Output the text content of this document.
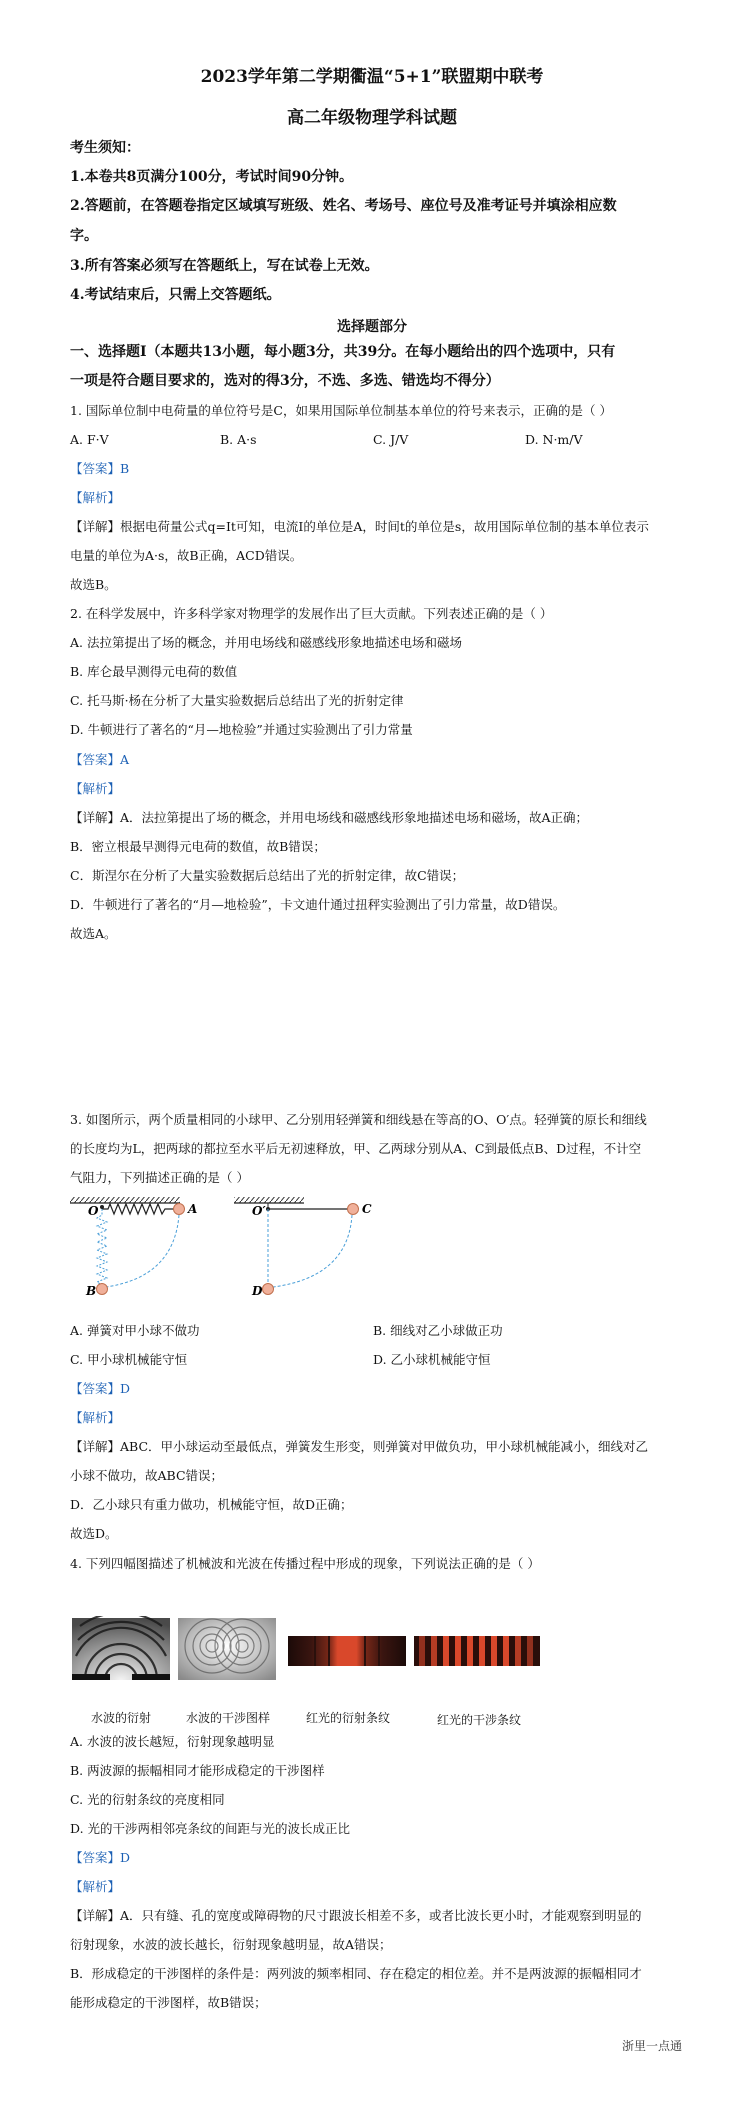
2023学年第二学期衢温“5+1”联盟期中联考
高二年级物理学科试题
考生须知：
1.本卷共8页满分100分，考试时间90分钟。
2.答题前，在答题卷指定区域填写班级、姓名、考场号、座位号及准考证号并填涂相应数
字。
3.所有答案必须写在答题纸上，写在试卷上无效。
4.考试结束后，只需上交答题纸。
选择题部分
一、选择题Ⅰ（本题共13小题，每小题3分，共39分。在每小题给出的四个选项中，只有
一项是符合题目要求的，选对的得3分，不选、多选、错选均不得分）
1. 国际单位制中电荷量的单位符号是C，如果用国际单位制基本单位的符号来表示，正确的是（ ）
A. F·V	B. A·s	C. J/V	D. N·m/V
【答案】B
【解析】
【详解】根据电荷量公式q=It可知，电流I的单位是A，时间t的单位是s，故用国际单位制的基本单位表示
电量的单位为A·s，故B正确，ACD错误。
故选B。
2. 在科学发展中，许多科学家对物理学的发展作出了巨大贡献。下列表述正确的是（ ）
A. 法拉第提出了场的概念，并用电场线和磁感线形象地描述电场和磁场
B. 库仑最早测得元电荷的数值
C. 托马斯·杨在分析了大量实验数据后总结出了光的折射定律
D. 牛顿进行了著名的“月—地检验”并通过实验测出了引力常量
【答案】A
【解析】
【详解】A．法拉第提出了场的概念，并用电场线和磁感线形象地描述电场和磁场，故A正确；
B．密立根最早测得元电荷的数值，故B错误；
C．斯涅尔在分析了大量实验数据后总结出了光的折射定律，故C错误；
D．牛顿进行了著名的“月—地检验”，卡文迪什通过扭秤实验测出了引力常量，故D错误。
故选A。
3. 如图所示，两个质量相同的小球甲、乙分别用轻弹簧和细线悬在等高的O、O′点。轻弹簧的原长和细线
的长度均为L，把两球的都拉至水平后无初速释放，甲、乙两球分别从A、C到最低点B、D过程，不计空
气阻力，下列描述正确的是（ ）
O	A
B
O′	C
D
A. 弹簧对甲小球不做功	B. 细线对乙小球做正功
C. 甲小球机械能守恒	D. 乙小球机械能守恒
【答案】D
【解析】
【详解】ABC．甲小球运动至最低点，弹簧发生形变，则弹簧对甲做负功，甲小球机械能减小，细线对乙
小球不做功，故ABC错误；
D．乙小球只有重力做功，机械能守恒，故D正确；
故选D。
4. 下列四幅图描述了机械波和光波在传播过程中形成的现象，下列说法正确的是（ ）
水波的衍射	水波的干涉图样	红光的衍射条纹	红光的干涉条纹
A. 水波的波长越短，衍射现象越明显
B. 两波源的振幅相同才能形成稳定的干涉图样
C. 光的衍射条纹的亮度相同
D. 光的干涉两相邻亮条纹的间距与光的波长成正比
【答案】D
【解析】
【详解】A．只有缝、孔的宽度或障碍物的尺寸跟波长相差不多，或者比波长更小时，才能观察到明显的
衍射现象，水波的波长越长，衍射现象越明显，故A错误；
B．形成稳定的干涉图样的条件是：两列波的频率相同、存在稳定的相位差。并不是两波源的振幅相同才
能形成稳定的干涉图样，故B错误；
浙里一点通
